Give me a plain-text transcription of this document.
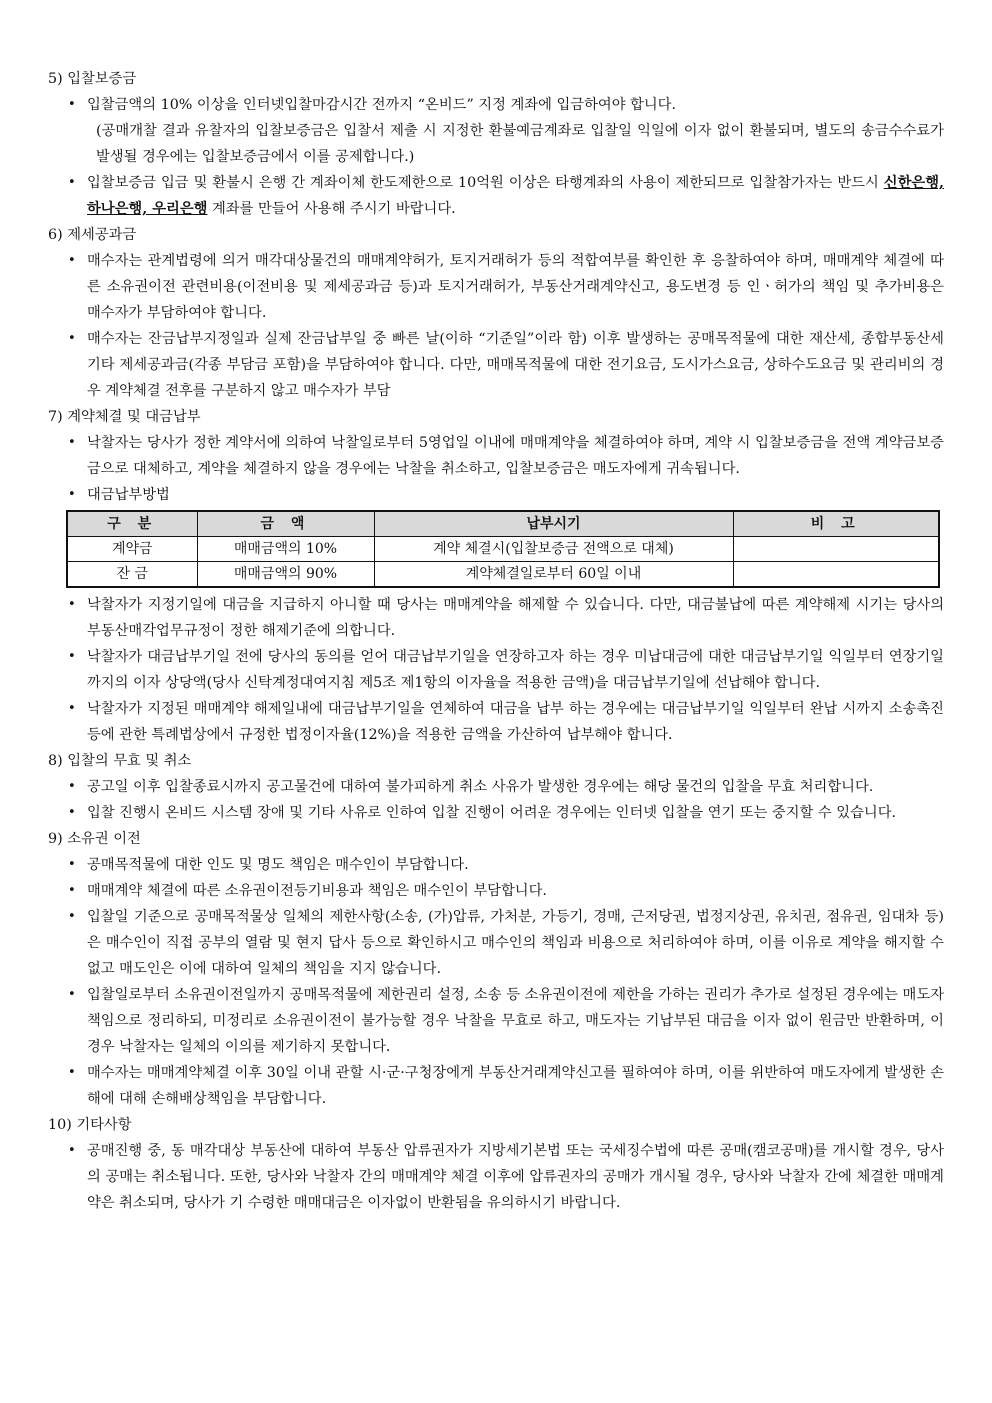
5) 입찰보증금
• 입찰금액의 10% 이상을 인터넷입찰마감시간 전까지 “온비드” 지정 계좌에 입금하여야 합니다.
(공매개찰 결과 유찰자의 입찰보증금은 입찰서 제출 시 지정한 환불예금계좌로 입찰일 익일에 이자 없이 환불되며, 별도의 송금수수료가 발생될 경우에는 입찰보증금에서 이를 공제합니다.)
• 입찰보증금 입금 및 환불시 은행 간 계좌이체 한도제한으로 10억원 이상은 타행계좌의 사용이 제한되므로 입찰참가자는 반드시 신한은행, 하나은행, 우리은행 계좌를 만들어 사용해 주시기 바랍니다.
6) 제세공과금
• 매수자는 관계법령에 의거 매각대상물건의 매매계약허가, 토지거래허가 등의 적합여부를 확인한 후 응찰하여야 하며, 매매계약 체결에 따른 소유권이전 관련비용(이전비용 및 제세공과금 등)과 토지거래허가, 부동산거래계약신고, 용도변경 등 인ㆍ허가의 책임 및 추가비용은 매수자가 부담하여야 합니다.
• 매수자는 잔금납부지정일과 실제 잔금납부일 중 빠른 날(이하 “기준일”이라 함) 이후 발생하는 공매목적물에 대한 재산세, 종합부동산세 기타 제세공과금(각종 부담금 포함)을 부담하여야 합니다. 다만, 매매목적물에 대한 전기요금, 도시가스요금, 상하수도요금 및 관리비의 경우 계약체결 전후를 구분하지 않고 매수자가 부담
7) 계약체결 및 대금납부
• 낙찰자는 당사가 정한 계약서에 의하여 낙찰일로부터 5영업일 이내에 매매계약을 체결하여야 하며, 계약 시 입찰보증금을 전액 계약금보증금으로 대체하고, 계약을 체결하지 않을 경우에는 낙찰을 취소하고, 입찰보증금은 매도자에게 귀속됩니다.
• 대금납부방법
구 분	금 액	납부시기	비 고
계약금	매매금액의 10%	계약 체결시(입찰보증금 전액으로 대체)	
잔 금	매매금액의 90%	계약체결일로부터 60일 이내	
• 낙찰자가 지정기일에 대금을 지급하지 아니할 때 당사는 매매계약을 해제할 수 있습니다. 다만, 대금불납에 따른 계약해제 시기는 당사의 부동산매각업무규정이 정한 해제기준에 의합니다.
• 낙찰자가 대금납부기일 전에 당사의 동의를 얻어 대금납부기일을 연장하고자 하는 경우 미납대금에 대한 대금납부기일 익일부터 연장기일까지의 이자 상당액(당사 신탁계정대여지침 제5조 제1항의 이자율을 적용한 금액)을 대금납부기일에 선납해야 합니다.
• 낙찰자가 지정된 매매계약 해제일내에 대금납부기일을 연체하여 대금을 납부 하는 경우에는 대금납부기일 익일부터 완납 시까지 소송촉진 등에 관한 특례법상에서 규정한 법정이자율(12%)을 적용한 금액을 가산하여 납부해야 합니다.
8) 입찰의 무효 및 취소
• 공고일 이후 입찰종료시까지 공고물건에 대하여 불가피하게 취소 사유가 발생한 경우에는 해당 물건의 입찰을 무효 처리합니다.
• 입찰 진행시 온비드 시스템 장애 및 기타 사유로 인하여 입찰 진행이 어려운 경우에는 인터넷 입찰을 연기 또는 중지할 수 있습니다.
9) 소유권 이전
• 공매목적물에 대한 인도 및 명도 책임은 매수인이 부담합니다.
• 매매계약 체결에 따른 소유권이전등기비용과 책임은 매수인이 부담합니다.
• 입찰일 기준으로 공매목적물상 일체의 제한사항(소송, (가)압류, 가처분, 가등기, 경매, 근저당권, 법정지상권, 유치권, 점유권, 임대차 등)은 매수인이 직접 공부의 열람 및 현지 답사 등으로 확인하시고 매수인의 책임과 비용으로 처리하여야 하며, 이를 이유로 계약을 해지할 수 없고 매도인은 이에 대하여 일체의 책임을 지지 않습니다.
• 입찰일로부터 소유권이전일까지 공매목적물에 제한권리 설정, 소송 등 소유권이전에 제한을 가하는 권리가 추가로 설정된 경우에는 매도자 책임으로 정리하되, 미정리로 소유권이전이 불가능할 경우 낙찰을 무효로 하고, 매도자는 기납부된 대금을 이자 없이 원금만 반환하며, 이 경우 낙찰자는 일체의 이의를 제기하지 못합니다.
• 매수자는 매매계약체결 이후 30일 이내 관할 시·군·구청장에게 부동산거래계약신고를 필하여야 하며, 이를 위반하여 매도자에게 발생한 손해에 대해 손해배상책임을 부담합니다.
10) 기타사항
• 공매진행 중, 동 매각대상 부동산에 대하여 부동산 압류권자가 지방세기본법 또는 국세징수법에 따른 공매(캠코공매)를 개시할 경우, 당사의 공매는 취소됩니다. 또한, 당사와 낙찰자 간의 매매계약 체결 이후에 압류권자의 공매가 개시될 경우, 당사와 낙찰자 간에 체결한 매매계약은 취소되며, 당사가 기 수령한 매매대금은 이자없이 반환됨을 유의하시기 바랍니다.
